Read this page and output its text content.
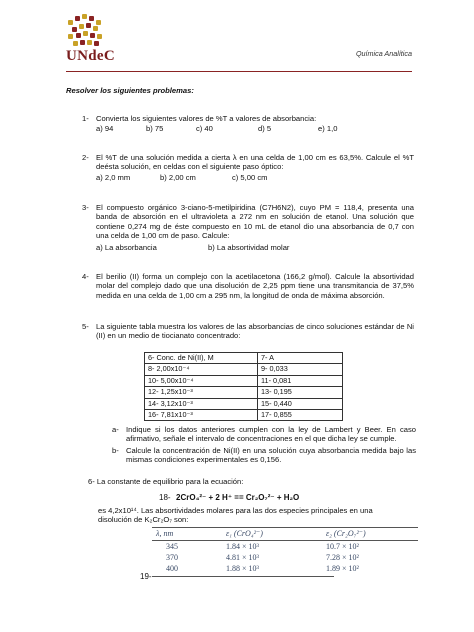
UNdeC	Química Analítica
Resolver los siguientes problemas:
1- Convierta los siguientes valores de %T a valores de absorbancia:
a) 94	b) 75	c) 40	d) 5	e) 1,0
2- El %T de una solución medida a cierta λ en una celda de 1,00 cm es 63,5%. Calcule el %T deésta solución, en celdas con el siguiente paso óptico:
a) 2,0 mm	b) 2,00 cm	c) 5,00 cm
3- El compuesto orgánico 3-ciano-5-metilpiridina (C7H6N2), cuyo PM = 118,4, presenta una banda de absorción en el ultravioleta a 272 nm en solución de etanol. Una solución que contiene 0,274 mg de éste compuesto en 10 mL de etanol dio una absorbancia de 0,7 con una celda de 1,00 cm de paso. Calcule:
a) La absorbancia	b) La absortividad molar
4- El berilio (II) forma un complejo con la acetilacetona (166,2 g/mol). Calcule la absortividad molar del complejo dado que una disolución de 2,25 ppm tiene una transmitancia de 37,5% medida en una celda de 1,00 cm a 295 nm, la longitud de onda de máxima absorción.
5- La siguiente tabla muestra los valores de las absorbancias de cinco soluciones estándar de Ni (II) en un medio de tiocianato concentrado:
6- Conc. de Ni(II), M	7- A
8- 2,00x10⁻⁴	9- 0,033
10- 5,00x10⁻⁴	11- 0,081
12- 1,25x10⁻³	13- 0,195
14- 3,12x10⁻³	15- 0,440
16- 7,81x10⁻³	17- 0,855
a- Indique si los datos anteriores cumplen con la ley de Lambert y Beer. En caso afirmativo, señale el intervalo de concentraciones en el que dicha ley se cumple.
b- Calcule la concentración de Ni(II) en una solución cuya absorbancia medida bajo las mismas condiciones experimentales es 0,156.
6- La constante de equilibrio para la ecuación:
18- 2CrO₄²⁻ + 2 H⁺ == Cr₂O₇²⁻ + H₂O
es 4,2x10¹⁴. Las absortividades molares para las dos especies principales en una disolución de K₂Cr₂O₇ son:
λ, nm	ε₁ (CrO₄²⁻)	ε₂ (Cr₂O₇²⁻)
345	1.84 × 10³	10.7 × 10²
370	4.81 × 10³	7.28 × 10²
400	1.88 × 10³	1.89 × 10²
19-
